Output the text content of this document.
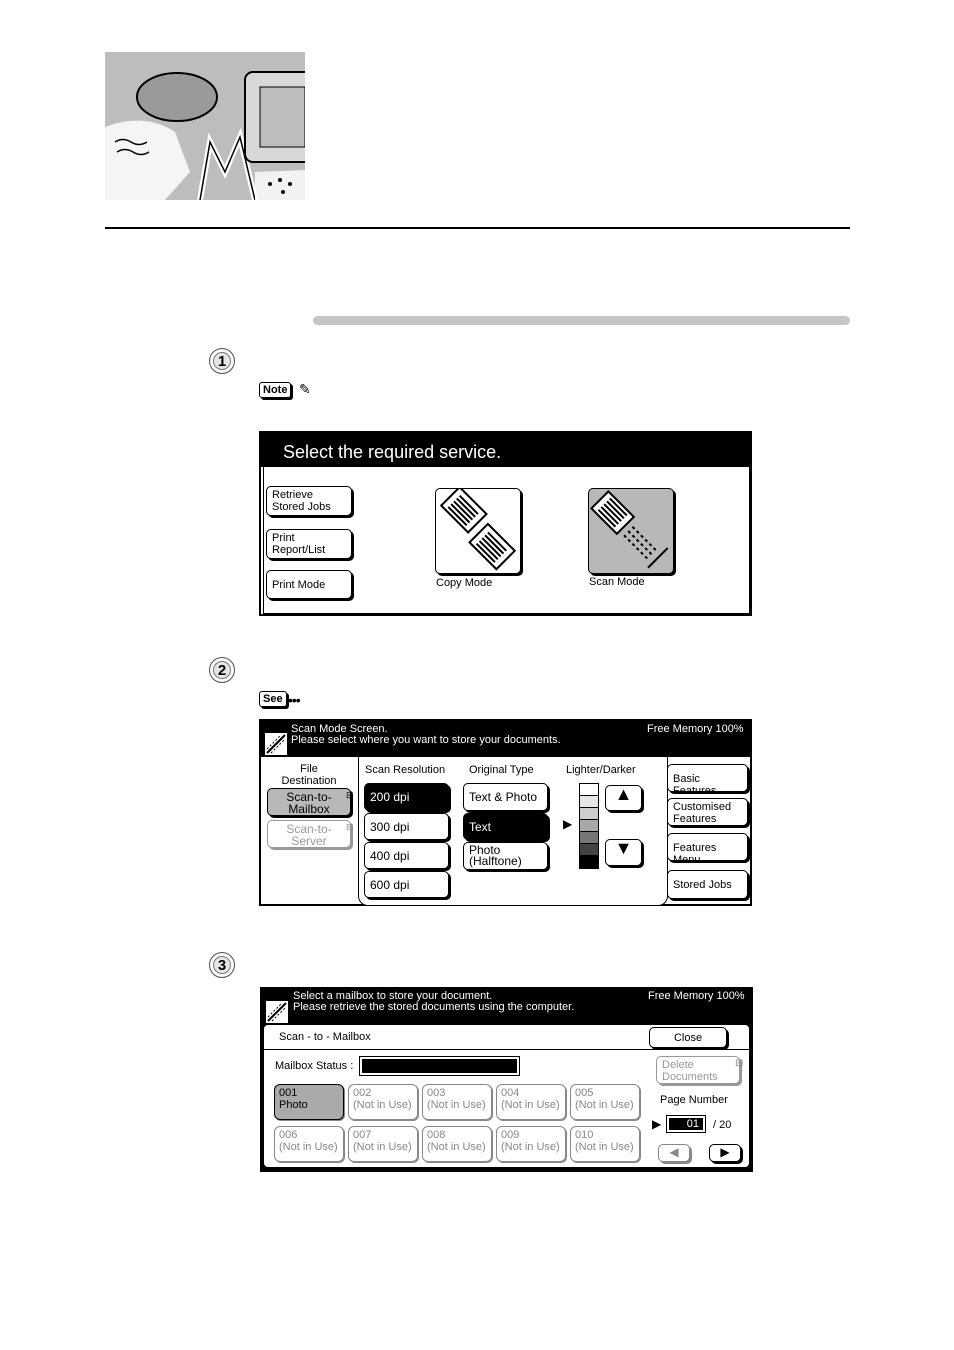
1
Note ✎
Select the required service.
Retrieve
Stored Jobs
Print
Report/List
Print Mode	Copy Mode	Scan Mode
2
See •••
Scan Mode Screen.
Please select where you want to store your documents.
Free Memory 100%
File
Destination
Scan-to-
Mailbox
Scan-to-
Server
⊟
⊟
Scan Resolution
200 dpi
300 dpi
400 dpi
600 dpi
Original Type
Text & Photo
Text
Photo
(Halftone)
Lighter/Darker
▶
▲
▼
Basic Features
Customised
Features
Features Menu
Stored Jobs
3
Select a mailbox to store your document.
Please retrieve the stored documents using the computer.
Free Memory 100%
Scan - to - Mailbox	Close
Mailbox Status :	Delete
Documents
⊟
001
Photo
002
(Not in Use)
003
(Not in Use)
004
(Not in Use)
005
(Not in Use)
006
(Not in Use)
007
(Not in Use)
008
(Not in Use)
009
(Not in Use)
010
(Not in Use)
Page Number
▶	01	/ 20
◀	▶
